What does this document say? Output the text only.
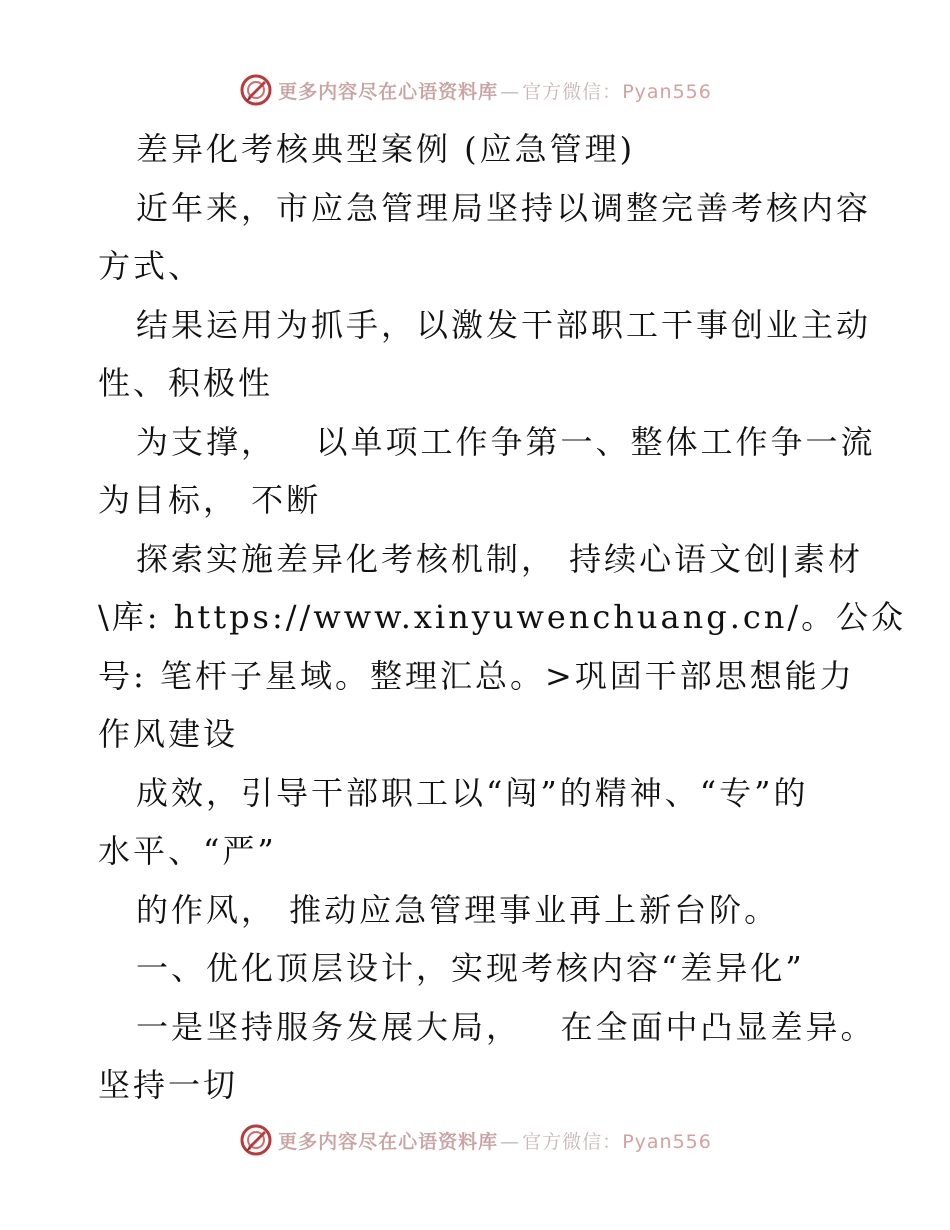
更多内容尽在心语资料库 — 官方微信：Pyan556
差异化考核典型案例 (应急管理)
近年来，市应急管理局坚持以调整完善考核内容
方式、
结果运用为抓手，以激发干部职工干事创业主动
性、积极性
为支撑，   以单项工作争第一、整体工作争一流
为目标， 不断
探索实施差异化考核机制， 持续心语文创|素材
\库: https://www.xinyuwenchuang.cn/。公众
号: 笔杆子星域。整理汇总。>巩固干部思想能力
作风建设
成效，引导干部职工以“闯”的精神、“专”的
水平、“严”
的作风， 推动应急管理事业再上新台阶。
一、优化顶层设计，实现考核内容“差异化”
一是坚持服务发展大局，   在全面中凸显差异。
坚持一切
更多内容尽在心语资料库 — 官方微信：Pyan556
